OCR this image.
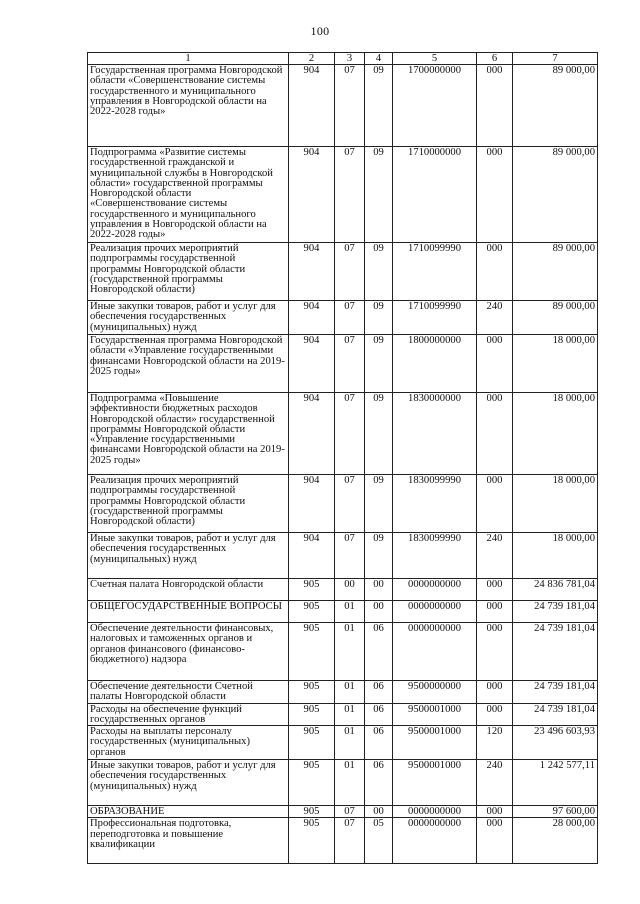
100
1	2	3	4	5	6	7
Государственная программа Новгородской области «Совершенствование системы государственного и муниципального управления в Новгородской области на 2022-2028 годы»	904	07	09	1700000000	000	89 000,00
Подпрограмма «Развитие системы государственной гражданской и муниципальной службы в Новгородской области» государственной программы Новгородской области «Совершенствование системы государственного и муниципального управления в Новгородской области на 2022-2028 годы»	904	07	09	1710000000	000	89 000,00
Реализация прочих мероприятий подпрограммы государственной программы Новгородской области (государственной программы Новгородской области)	904	07	09	1710099990	000	89 000,00
Иные закупки товаров, работ и услуг для обеспечения государственных (муниципальных) нужд	904	07	09	1710099990	240	89 000,00
Государственная программа Новгородской области «Управление государственными финансами Новгородской области на 2019-2025 годы»	904	07	09	1800000000	000	18 000,00
Подпрограмма «Повышение эффективности бюджетных расходов Новгородской области» государственной программы Новгородской области «Управление государственными финансами Новгородской области на 2019-2025 годы»	904	07	09	1830000000	000	18 000,00
Реализация прочих мероприятий подпрограммы государственной программы Новгородской области (государственной программы Новгородской области)	904	07	09	1830099990	000	18 000,00
Иные закупки товаров, работ и услуг для обеспечения государственных (муниципальных) нужд	904	07	09	1830099990	240	18 000,00
Счетная палата Новгородской области	905	00	00	0000000000	000	24 836 781,04
ОБЩЕГОСУДАРСТВЕННЫЕ ВОПРОСЫ	905	01	00	0000000000	000	24 739 181,04
Обеспечение деятельности финансовых, налоговых и таможенных органов и органов финансового (финансово-бюджетного) надзора	905	01	06	0000000000	000	24 739 181,04
Обеспечение деятельности Счетной палаты Новгородской области	905	01	06	9500000000	000	24 739 181,04
Расходы на обеспечение функций государственных органов	905	01	06	9500001000	000	24 739 181,04
Расходы на выплаты персоналу государственных (муниципальных) органов	905	01	06	9500001000	120	23 496 603,93
Иные закупки товаров, работ и услуг для обеспечения государственных (муниципальных) нужд	905	01	06	9500001000	240	1 242 577,11
ОБРАЗОВАНИЕ	905	07	00	0000000000	000	97 600,00
Профессиональная подготовка, переподготовка и повышение квалификации	905	07	05	0000000000	000	28 000,00
